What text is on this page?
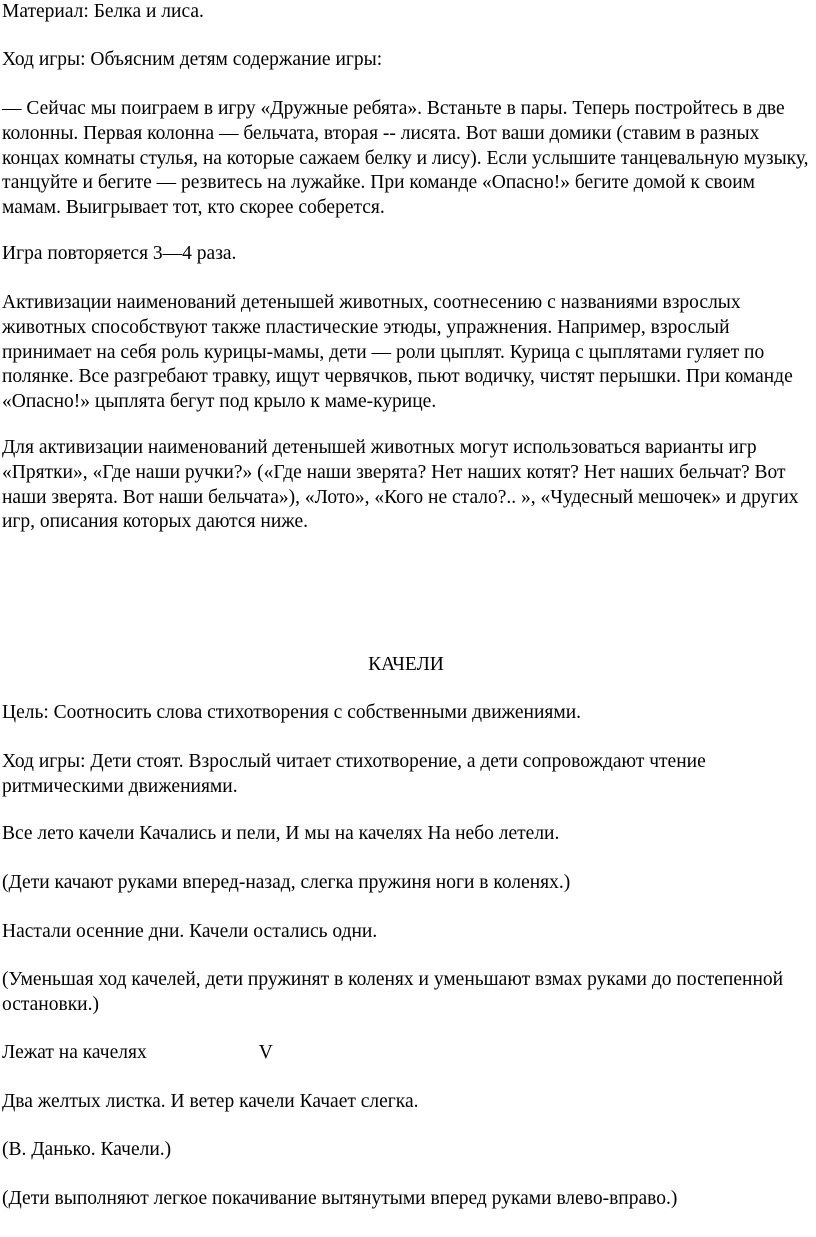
Материал: Белка и лиса.

Ход игры: Объясним детям содержание игры:

— Сейчас мы поиграем в игру «Дружные ребята». Встаньте в пары. Теперь постройтесь в две колонны. Первая колонна — бельчата, вторая -- лисята. Вот ваши домики (ставим в разных концах комнаты стулья, на которые сажаем белку и лису). Если услышите танцевальную музыку, танцуйте и бегите — резвитесь на лужайке. При команде «Опасно!» бегите домой к своим мамам. Выигрывает тот, кто скорее соберется.

Игра повторяется 3—4 раза.

Активизации наименований детенышей животных, соотнесению с названиями взрослых животных способствуют также пластические этюды, упражнения. Например, взрослый принимает на себя роль курицы-мамы, дети — роли цыплят. Курица с цыплятами гуляет по полянке. Все разгребают травку, ищут червячков, пьют водичку, чистят перышки. При команде «Опасно!» цыплята бегут под крыло к маме-курице.

Для активизации наименований детенышей животных могут использоваться варианты игр «Прятки», «Где наши ручки?» («Где наши зверята? Нет наших котят? Нет наших бельчат? Вот наши зверята. Вот наши бельчата»), «Лото», «Кого не стало?.. », «Чудесный мешочек» и других игр, описания которых даются ниже.

КАЧЕЛИ

Цель: Соотносить слова стихотворения с собственными движениями.

Ход игры: Дети стоят. Взрослый читает стихотворение, а дети сопровождают чтение ритмическими движениями.

Все лето качели Качались и пели, И мы на качелях На небо летели.

(Дети качают руками вперед-назад, слегка пружиня ноги в коленях.)

Настали осенние дни. Качели остались одни.

(Уменьшая ход качелей, дети пружинят в коленях и уменьшают взмах руками до постепенной остановки.)

Лежат на качелях	V

Два желтых листка. И ветер качели Качает слегка.

(В. Данько. Качели.)

(Дети выполняют легкое покачивание вытянутыми вперед руками влево-вправо.)
